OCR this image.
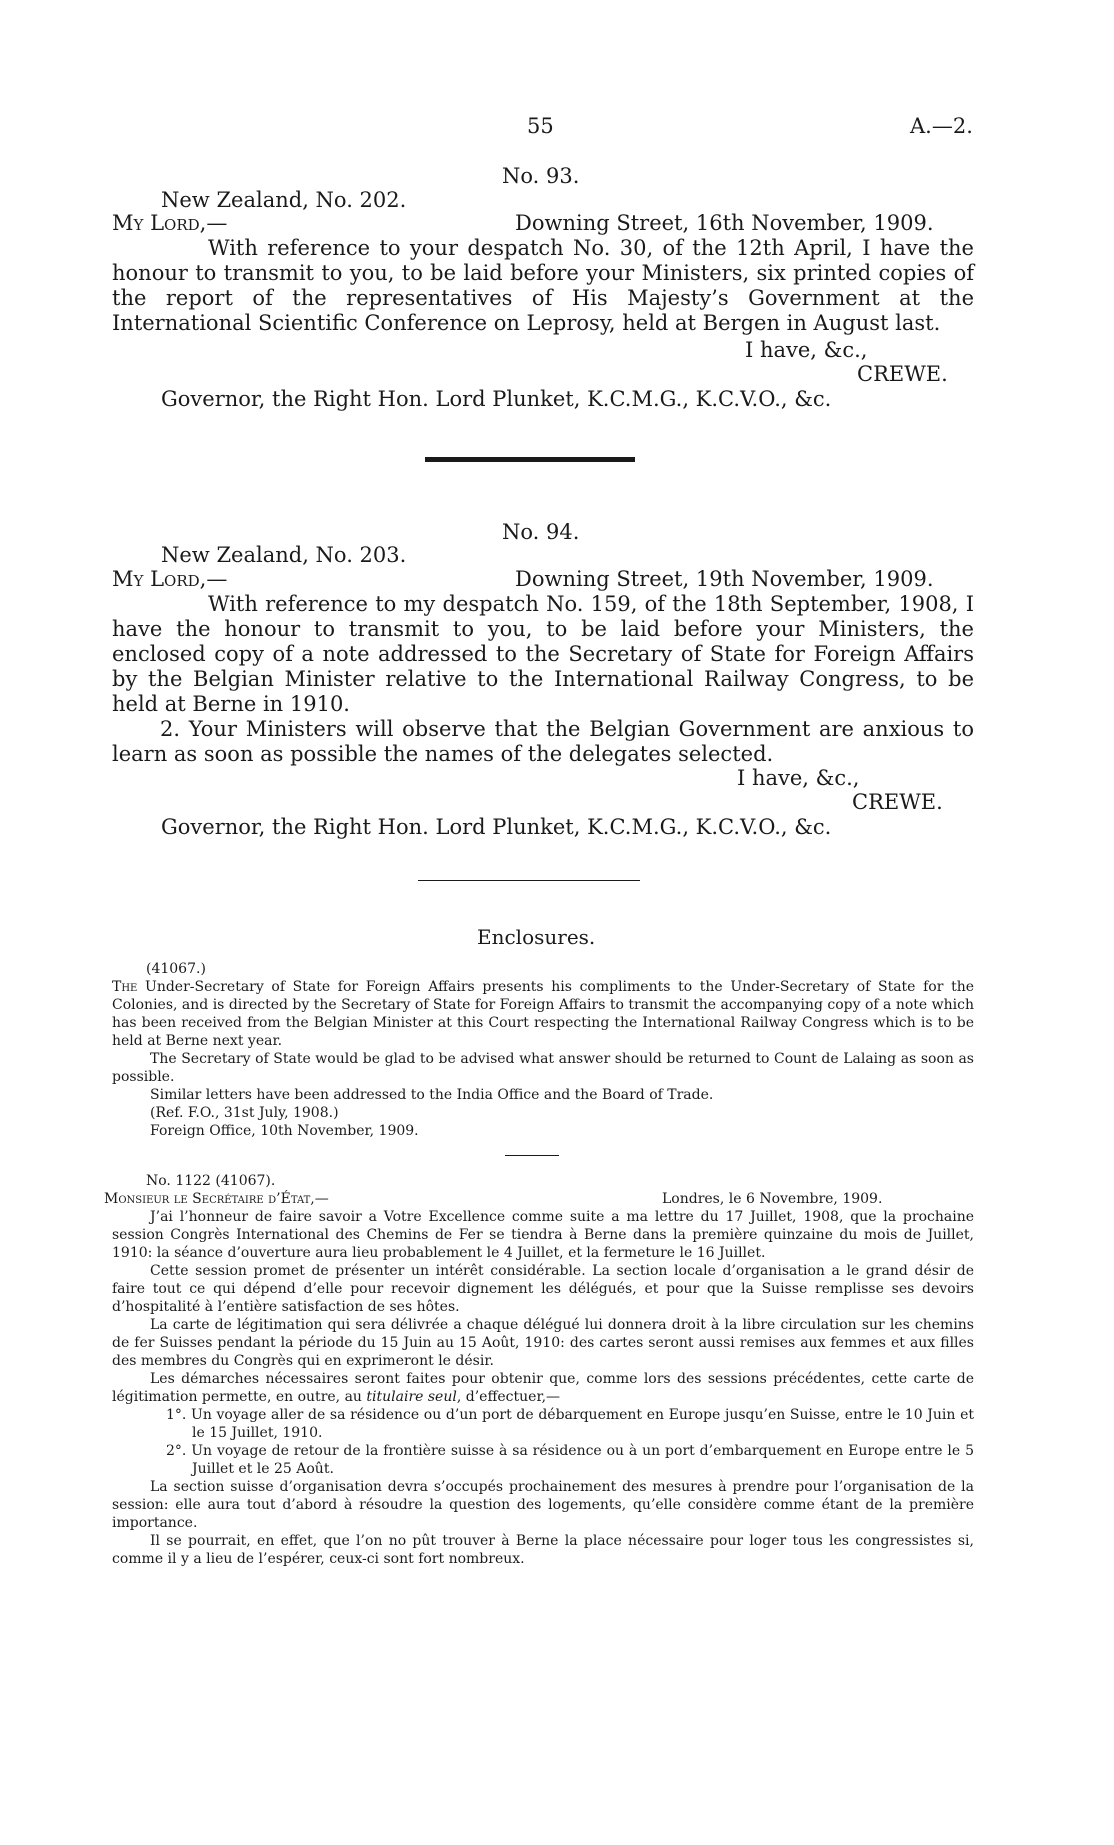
55	A.—2.
No. 93.
New Zealand, No. 202.
My Lord,—	Downing Street, 16th November, 1909.

With reference to your despatch No. 30, of the 12th April, I have the honour to transmit to you, to be laid before your Ministers, six printed copies of the report of the representatives of His Majesty’s Government at the International Scientific Conference on Leprosy, held at Bergen in August last.

I have, &c.,
CREWE.
Governor, the Right Hon. Lord Plunket, K.C.M.G., K.C.V.O., &c.
No. 94.
New Zealand, No. 203.
My Lord,—	Downing Street, 19th November, 1909.

With reference to my despatch No. 159, of the 18th September, 1908, I have the honour to transmit to you, to be laid before your Ministers, the enclosed copy of a note addressed to the Secretary of State for Foreign Affairs by the Belgian Minister relative to the International Railway Congress, to be held at Berne in 1910.

2. Your Ministers will observe that the Belgian Government are anxious to learn as soon as possible the names of the delegates selected.

I have, &c.,
CREWE.
Governor, the Right Hon. Lord Plunket, K.C.M.G., K.C.V.O., &c.
Enclosures.
(41067.)

The Under-Secretary of State for Foreign Affairs presents his compliments to the Under-Secretary of State for the Colonies, and is directed by the Secretary of State for Foreign Affairs to transmit the accompanying copy of a note which has been received from the Belgian Minister at this Court respecting the International Railway Congress which is to be held at Berne next year.

The Secretary of State would be glad to be advised what answer should be returned to Count de Lalaing as soon as possible.

Similar letters have been addressed to the India Office and the Board of Trade.

(Ref. F.O., 31st July, 1908.)

Foreign Office, 10th November, 1909.

No. 1122 (41067).
Monsieur le Secrétaire d’État,—	Londres, le 6 Novembre, 1909.

J’ai l’honneur de faire savoir a Votre Excellence comme suite a ma lettre du 17 Juillet, 1908, que la prochaine session Congrès International des Chemins de Fer se tiendra à Berne dans la première quinzaine du mois de Juillet, 1910: la séance d’ouverture aura lieu probablement le 4 Juillet, et la fermeture le 16 Juillet.

Cette session promet de présenter un intérêt considérable. La section locale d’organisation a le grand désir de faire tout ce qui dépend d’elle pour recevoir dignement les délégués, et pour que la Suisse remplisse ses devoirs d’hospitalité à l’entière satisfaction de ses hôtes.

La carte de légitimation qui sera délivrée a chaque délégué lui donnera droit à la libre circulation sur les chemins de fer Suisses pendant la période du 15 Juin au 15 Août, 1910: des cartes seront aussi remises aux femmes et aux filles des membres du Congrès qui en exprimeront le désir.

Les démarches nécessaires seront faites pour obtenir que, comme lors des sessions précédentes, cette carte de légitimation permette, en outre, au titulaire seul, d’effectuer,—

1°. Un voyage aller de sa résidence ou d’un port de débarquement en Europe jusqu’en Suisse, entre le 10 Juin et le 15 Juillet, 1910.

2°. Un voyage de retour de la frontière suisse à sa résidence ou à un port d’embarquement en Europe entre le 5 Juillet et le 25 Août.

La section suisse d’organisation devra s’occupés prochainement des mesures à prendre pour l’organisation de la session: elle aura tout d’abord à résoudre la question des logements, qu’elle considère comme étant de la première importance.

Il se pourrait, en effet, que l’on no pût trouver à Berne la place nécessaire pour loger tous les congressistes si, comme il y a lieu de l’espérer, ceux-ci sont fort nombreux.
